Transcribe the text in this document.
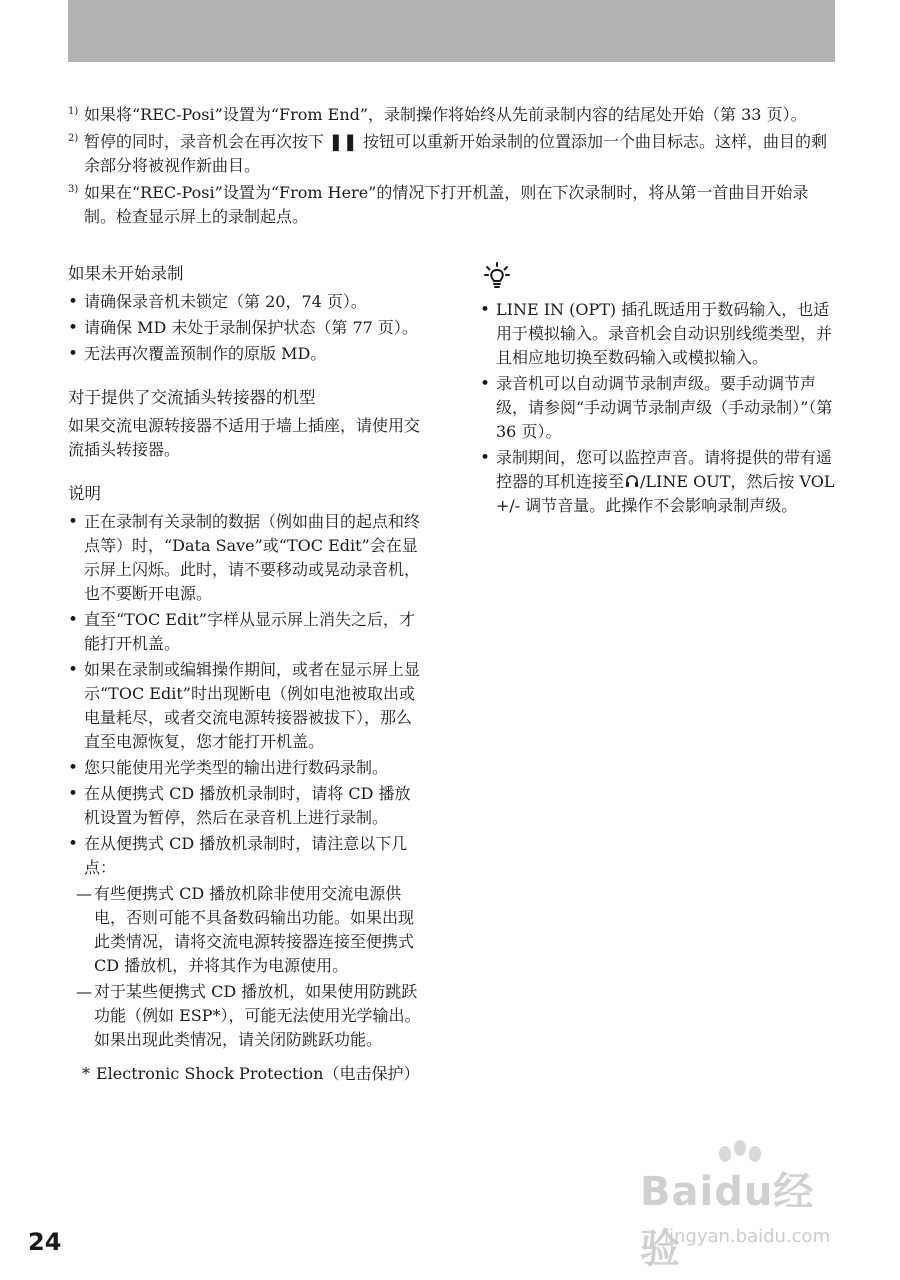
1) 如果将“REC-Posi”设置为“From End”，录制操作将始终从先前录制内容的结尾处开始（第 33 页）。
2) 暂停的同时，录音机会在再次按下 ❚❚ 按钮可以重新开始录制的位置添加一个曲目标志。这样，曲目的剩余部分将被视作新曲目。
3) 如果在“REC-Posi”设置为“From Here”的情况下打开机盖，则在下次录制时，将从第一首曲目开始录制。检查显示屏上的录制起点。
如果未开始录制
• 请确保录音机未锁定（第 20，74 页）。
• 请确保 MD 未处于录制保护状态（第 77 页）。
• 无法再次覆盖预制作的原版 MD。
对于提供了交流插头转接器的机型

如果交流电源转接器不适用于墙上插座，请使用交流插头转接器。

说明
• 正在录制有关录制的数据（例如曲目的起点和终点等）时，“Data Save”或“TOC Edit”会在显示屏上闪烁。此时，请不要移动或晃动录音机，也不要断开电源。
• 直至“TOC Edit”字样从显示屏上消失之后，才能打开机盖。
• 如果在录制或编辑操作期间，或者在显示屏上显示“TOC Edit”时出现断电（例如电池被取出或电量耗尽，或者交流电源转接器被拔下），那么直至电源恢复，您才能打开机盖。
• 您只能使用光学类型的输出进行数码录制。
• 在从便携式 CD 播放机录制时，请将 CD 播放机设置为暂停，然后在录音机上进行录制。
• 在从便携式 CD 播放机录制时，请注意以下几点：
— 有些便携式 CD 播放机除非使用交流电源供电，否则可能不具备数码输出功能。如果出现此类情况，请将交流电源转接器连接至便携式 CD 播放机，并将其作为电源使用。
— 对于某些便携式 CD 播放机，如果使用防跳跃功能（例如 ESP*），可能无法使用光学输出。如果出现此类情况，请关闭防跳跃功能。
* Electronic Shock Protection（电击保护）
• LINE IN (OPT) 插孔既适用于数码输入，也适用于模拟输入。录音机会自动识别线缆类型，并且相应地切换至数码输入或模拟输入。
• 录音机可以自动调节录制声级。要手动调节声级，请参阅“手动调节录制声级（手动录制）”（第 36 页）。
• 录制期间，您可以监控声音。请将提供的带有遥控器的耳机连接至 /LINE OUT，然后按 VOL +/- 调节音量。此操作不会影响录制声级。
24
Baidu经验
jingyan.baidu.com
